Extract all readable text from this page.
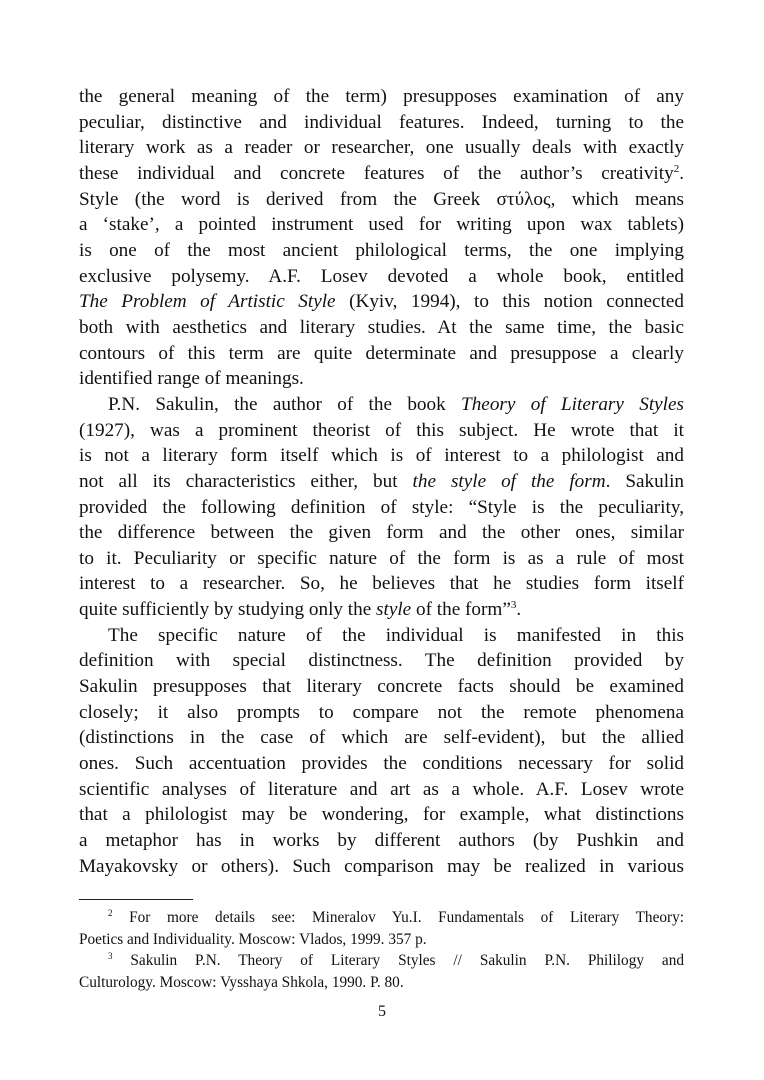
the general meaning of the term) presupposes examination of any
peculiar, distinctive and individual features. Indeed, turning to the
literary work as a reader or researcher, one usually deals with exactly
these individual and concrete features of the author’s creativity$^2$.
Style (the word is derived from the Greek στύλος, which means
a ‘stake’, a pointed instrument used for writing upon wax tablets)
is one of the most ancient philological terms, the one implying
exclusive polysemy. A.F. Losev devoted a whole book, entitled
The Problem of Artistic Style (Kyiv, 1994), to this notion connected
both with aesthetics and literary studies. At the same time, the basic
contours of this term are quite determinate and presuppose a clearly
identified range of meanings.
P.N. Sakulin, the author of the book Theory of Literary Styles
(1927), was a prominent theorist of this subject. He wrote that it
is not a literary form itself which is of interest to a philologist and
not all its characteristics either, but the style of the form. Sakulin
provided the following definition of style: “Style is the peculiarity,
the difference between the given form and the other ones, similar
to it. Peculiarity or specific nature of the form is as a rule of most
interest to a researcher. So, he believes that he studies form itself
quite sufficiently by studying only the style of the form”$^3$.
The specific nature of the individual is manifested in this
definition with special distinctness. The definition provided by
Sakulin presupposes that literary concrete facts should be examined
closely; it also prompts to compare not the remote phenomena
(distinctions in the case of which are self-evident), but the allied
ones. Such accentuation provides the conditions necessary for solid
scientific analyses of literature and art as a whole. A.F. Losev wrote
that a philologist may be wondering, for example, what distinctions
a metaphor has in works by different authors (by Pushkin and
Mayakovsky or others). Such comparison may be realized in various
$^2$ For more details see: Mineralov Yu.I. Fundamentals of Literary Theory:
Poetics and Individuality. Moscow: Vlados, 1999. 357 p.
$^3$ Sakulin P.N. Theory of Literary Styles // Sakulin P.N. Phililogy and
Culturology. Moscow: Vysshaya Shkola, 1990. P. 80.
5
